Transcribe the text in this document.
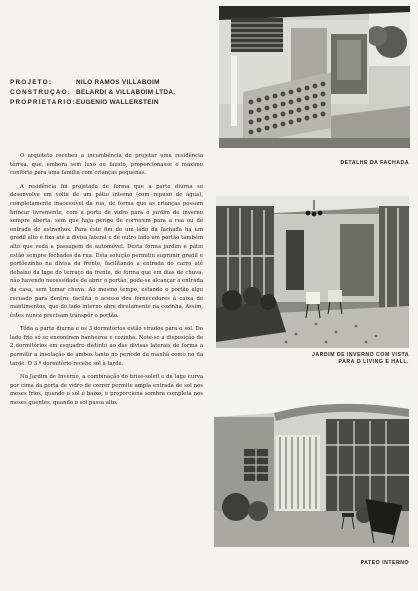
PROJETO:	NILO RAMOS VILLABOIM
CONSTRUÇAO: BELARDI & VILLABOIM LTDA.
PROPRIETARIO: EUGENIO WALLERSTEIN

O arquiteto recebeu a incumbência de projetar uma residência térrea, que, embora sem luxo ou fausto, proporcionasse o máximo confôrto para uma família com crianças pequenas.

A residência foi projetada de forma que a parte diurna se desenvolve em volta de um pátio interno (com repuxo de água), completamente inacessível da rua, de forma que as crianças possam brincar livremente, com a porta de vidro para o jardim de inverno sempre aberta, sem que haja perigo de correrem para a rua ou de entrada de estranhos. Para êste fim de um lado da fachada há um gradil alto e fixo até a divisa lateral e de outro lado um portão também alto que veda a passagem de automóvel. Desta forma jardim e pátio estão sempre fechados da rua. Esta solução permitiu suprimir gradil e portõezinho na divisa da frente, facilitando a entrada do carro até debaixo da lage do terraço da frente, de forma que em dias de chuva, não havendo necessidade de abrir o portão, pode-se alcançar a entrada da casa, sem tomar chuva. Ao mesmo tempo, estando o portão algo recuado para dentro, facilita o acesso dos fornecedores à caixa de mantimentos, que do lado interno abre diretamente na cozinha. Assim, êstes nunca precisam transpôr o portão.

Tôda a parte diurna e os 3 dormitórios estão virados para o sol. Do lado frio só se encontram banheiros e cozinha. Note-se a disposição de 2 dormitórios em esquadro distinto ao das divisas laterais de forma a permitir a insolação de ambos tanto no período da manhã como no da tarde. O 3.º dormitório recebe sol à tarde.

No Jardim de Inverno, a combinação do brise-soleil e da lage curva por cima da porta de vidro de correr permite ampla entrada de sol nos meses frios, quando o sol é baixo, e proporciona sombra completa nos meses quentes, quando o sol passa alto.

DETALHE DA FACHADA
JARDIM DE INVERNO COM VISTA
PARA O LIVING E HALL.
PATEO INTERNO
